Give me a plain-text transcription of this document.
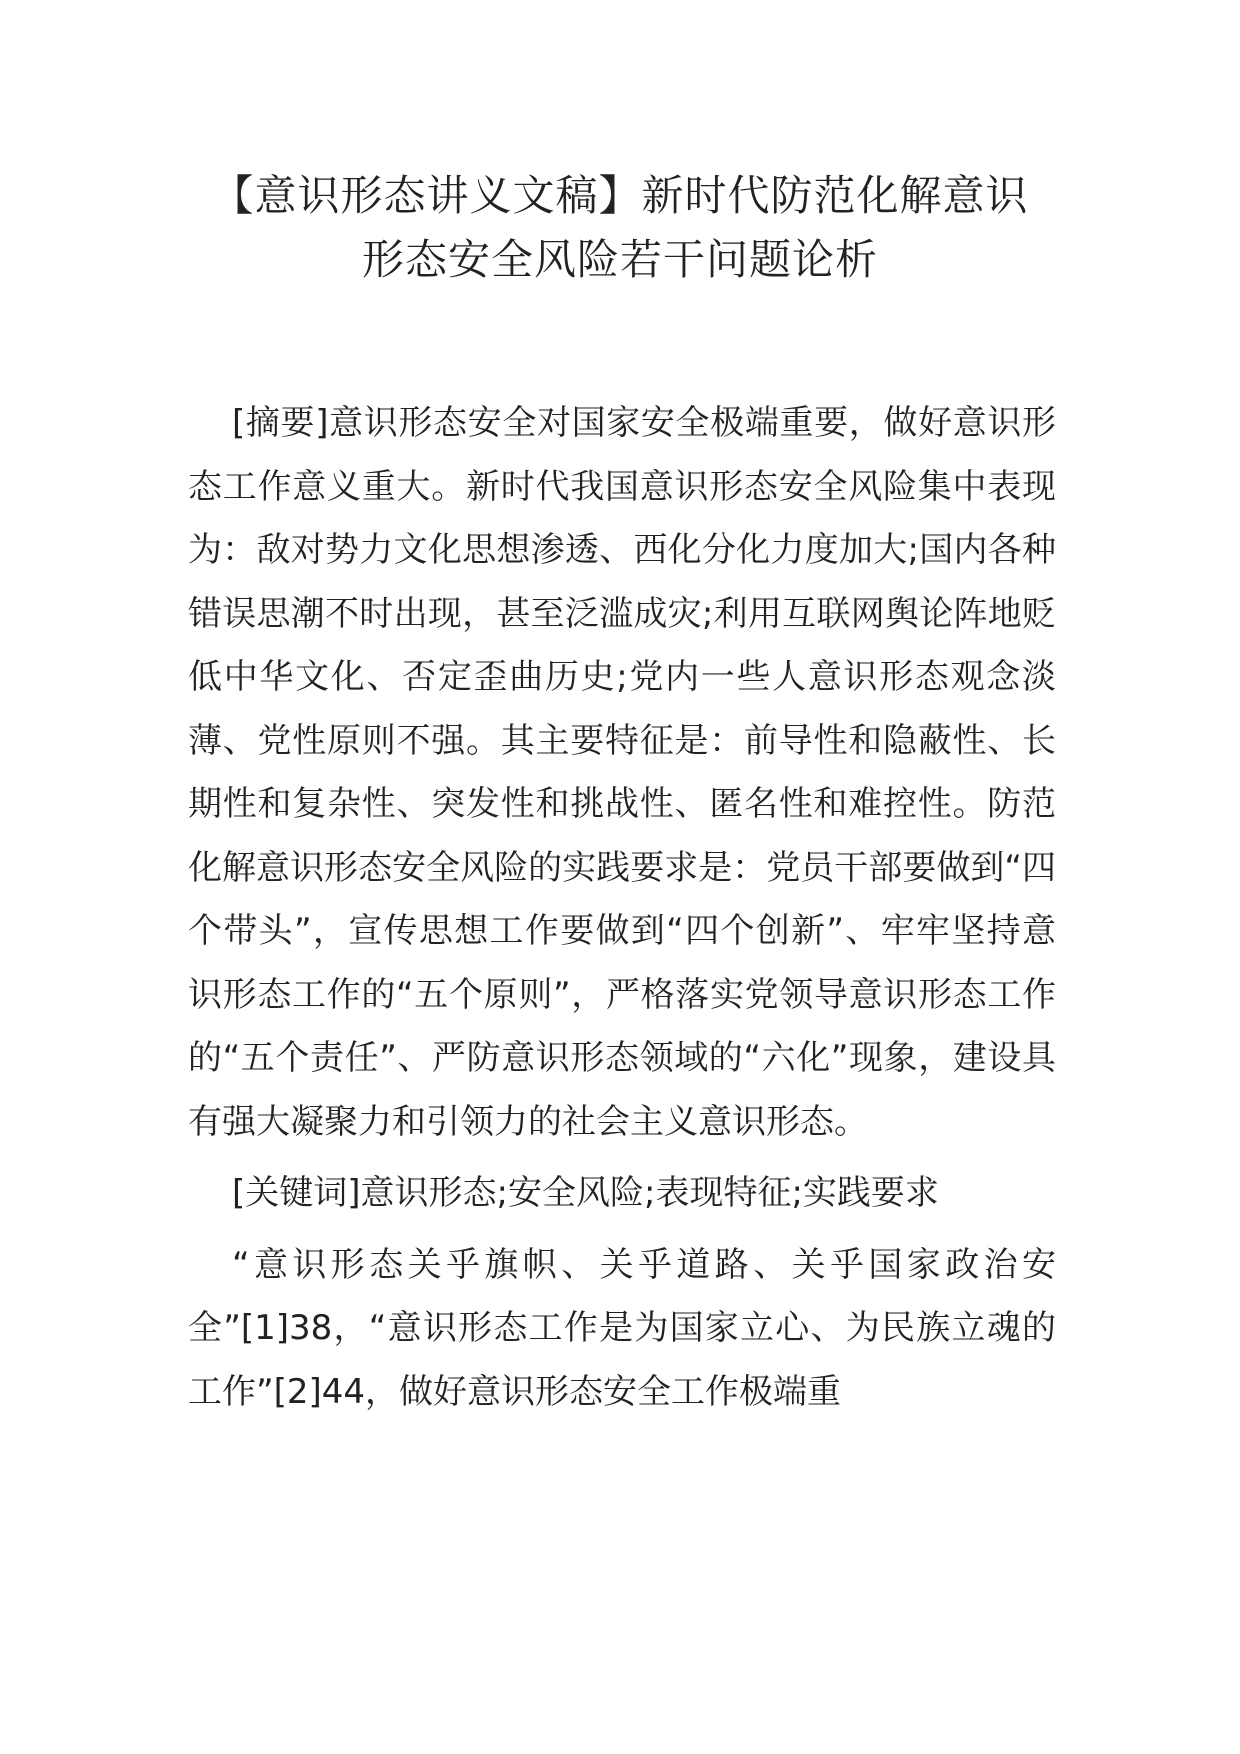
【意识形态讲义文稿】新时代防范化解意识
形态安全风险若干问题论析

[摘要]意识形态安全对国家安全极端重要，做好意识形态工作意义重大。新时代我国意识形态安全风险集中表现为：敌对势力文化思想渗透、西化分化力度加大;国内各种错误思潮不时出现，甚至泛滥成灾;利用互联网舆论阵地贬低中华文化、否定歪曲历史;党内一些人意识形态观念淡薄、党性原则不强。其主要特征是：前导性和隐蔽性、长期性和复杂性、突发性和挑战性、匿名性和难控性。防范化解意识形态安全风险的实践要求是：党员干部要做到“四个带头”，宣传思想工作要做到“四个创新”、牢牢坚持意识形态工作的“五个原则”，严格落实党领导意识形态工作的“五个责任”、严防意识形态领域的“六化”现象，建设具有强大凝聚力和引领力的社会主义意识形态。

[关键词]意识形态;安全风险;表现特征;实践要求

“意识形态关乎旗帜、关乎道路、关乎国家政治安全”[1]38，“意识形态工作是为国家立心、为民族立魂的工作”[2]44，做好意识形态安全工作极端重
